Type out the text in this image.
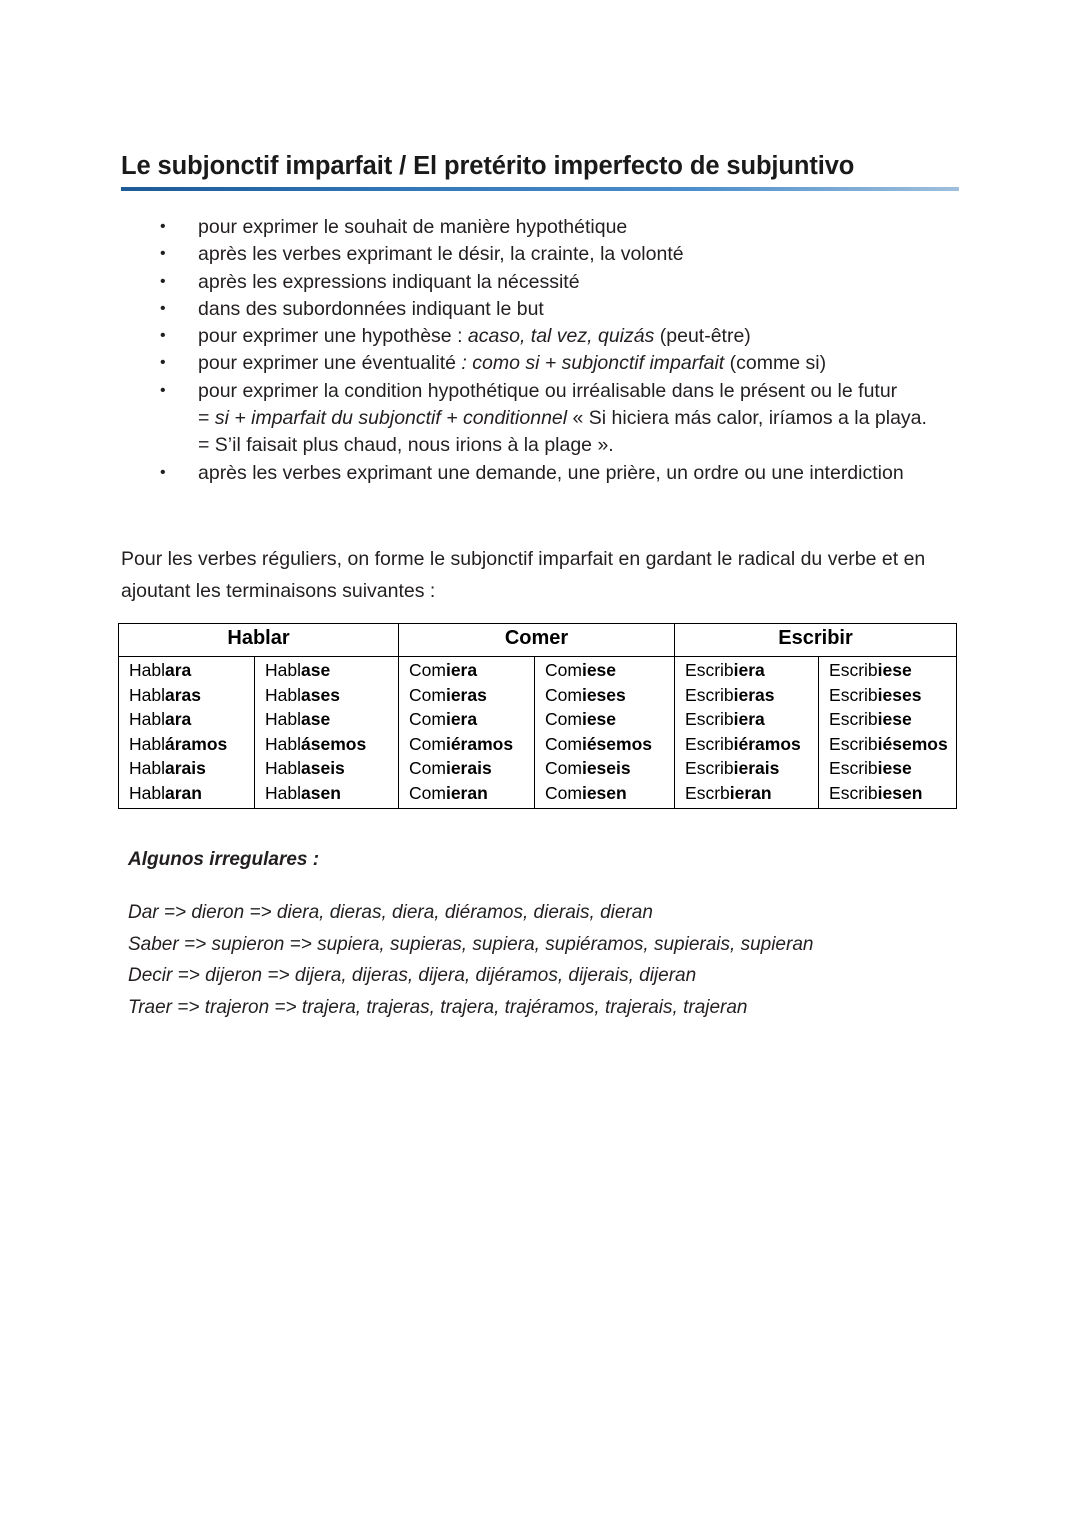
Le subjonctif imparfait / El pretérito imperfecto de subjuntivo
• pour exprimer le souhait de manière hypothétique
• après les verbes exprimant le désir, la crainte, la volonté
• après les expressions indiquant la nécessité
• dans des subordonnées indiquant le but
• pour exprimer une hypothèse : acaso, tal vez, quizás (peut-être)
• pour exprimer une éventualité : como si + subjonctif imparfait (comme si)
• pour exprimer la condition hypothétique ou irréalisable dans le présent ou le futur
= si + imparfait du subjonctif + conditionnel « Si hiciera más calor, iríamos a la playa.
= S’il faisait plus chaud, nous irions à la plage ».
• après les verbes exprimant une demande, une prière, un ordre ou une interdiction
Pour les verbes réguliers, on forme le subjonctif imparfait en gardant le radical du verbe et en ajoutant les terminaisons suivantes :
Hablar		Comer		Escribir	
Hablara	Hablase	Comiera	Comiese	Escribiera	Escribiese
Hablaras	Hablases	Comieras	Comieses	Escribieras	Escribieses
Hablara	Hablase	Comiera	Comiese	Escribiera	Escribiese
Habláramos	Hablásemos	Comiéramos	Comiésemos	Escribiéramos	Escribiésemos
Hablarais	Hablaseis	Comierais	Comieseis	Escribierais	Escribiese
Hablaran	Hablasen	Comieran	Comiesen	Escrbieran	Escribiesen
Algunos irregulares :
Dar => dieron => diera, dieras, diera, diéramos, dierais, dieran
Saber => supieron => supiera, supieras, supiera, supiéramos, supierais, supieran
Decir => dijeron => dijera, dijeras, dijera, dijéramos, dijerais, dijeran
Traer => trajeron => trajera, trajeras, trajera, trajéramos, trajerais, trajeran
